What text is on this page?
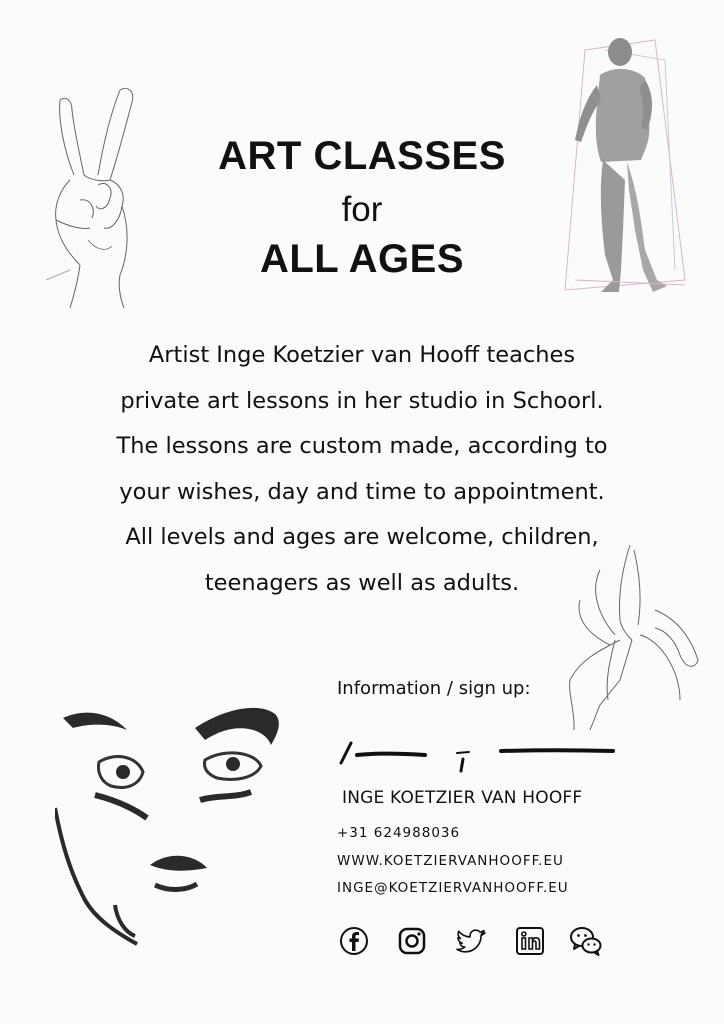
ART CLASSES
for
ALL AGES
Artist Inge Koetzier van Hooff teaches
private art lessons in her studio in Schoorl.
The lessons are custom made, according to
your wishes, day and time to appointment.
All levels and ages are welcome, children,
teenagers as well as adults.
Information / sign up:
INGE KOETZIER VAN HOOFF
+31 624988036
WWW.KOETZIERVANHOOFF.EU
INGE@KOETZIERVANHOOFF.EU
